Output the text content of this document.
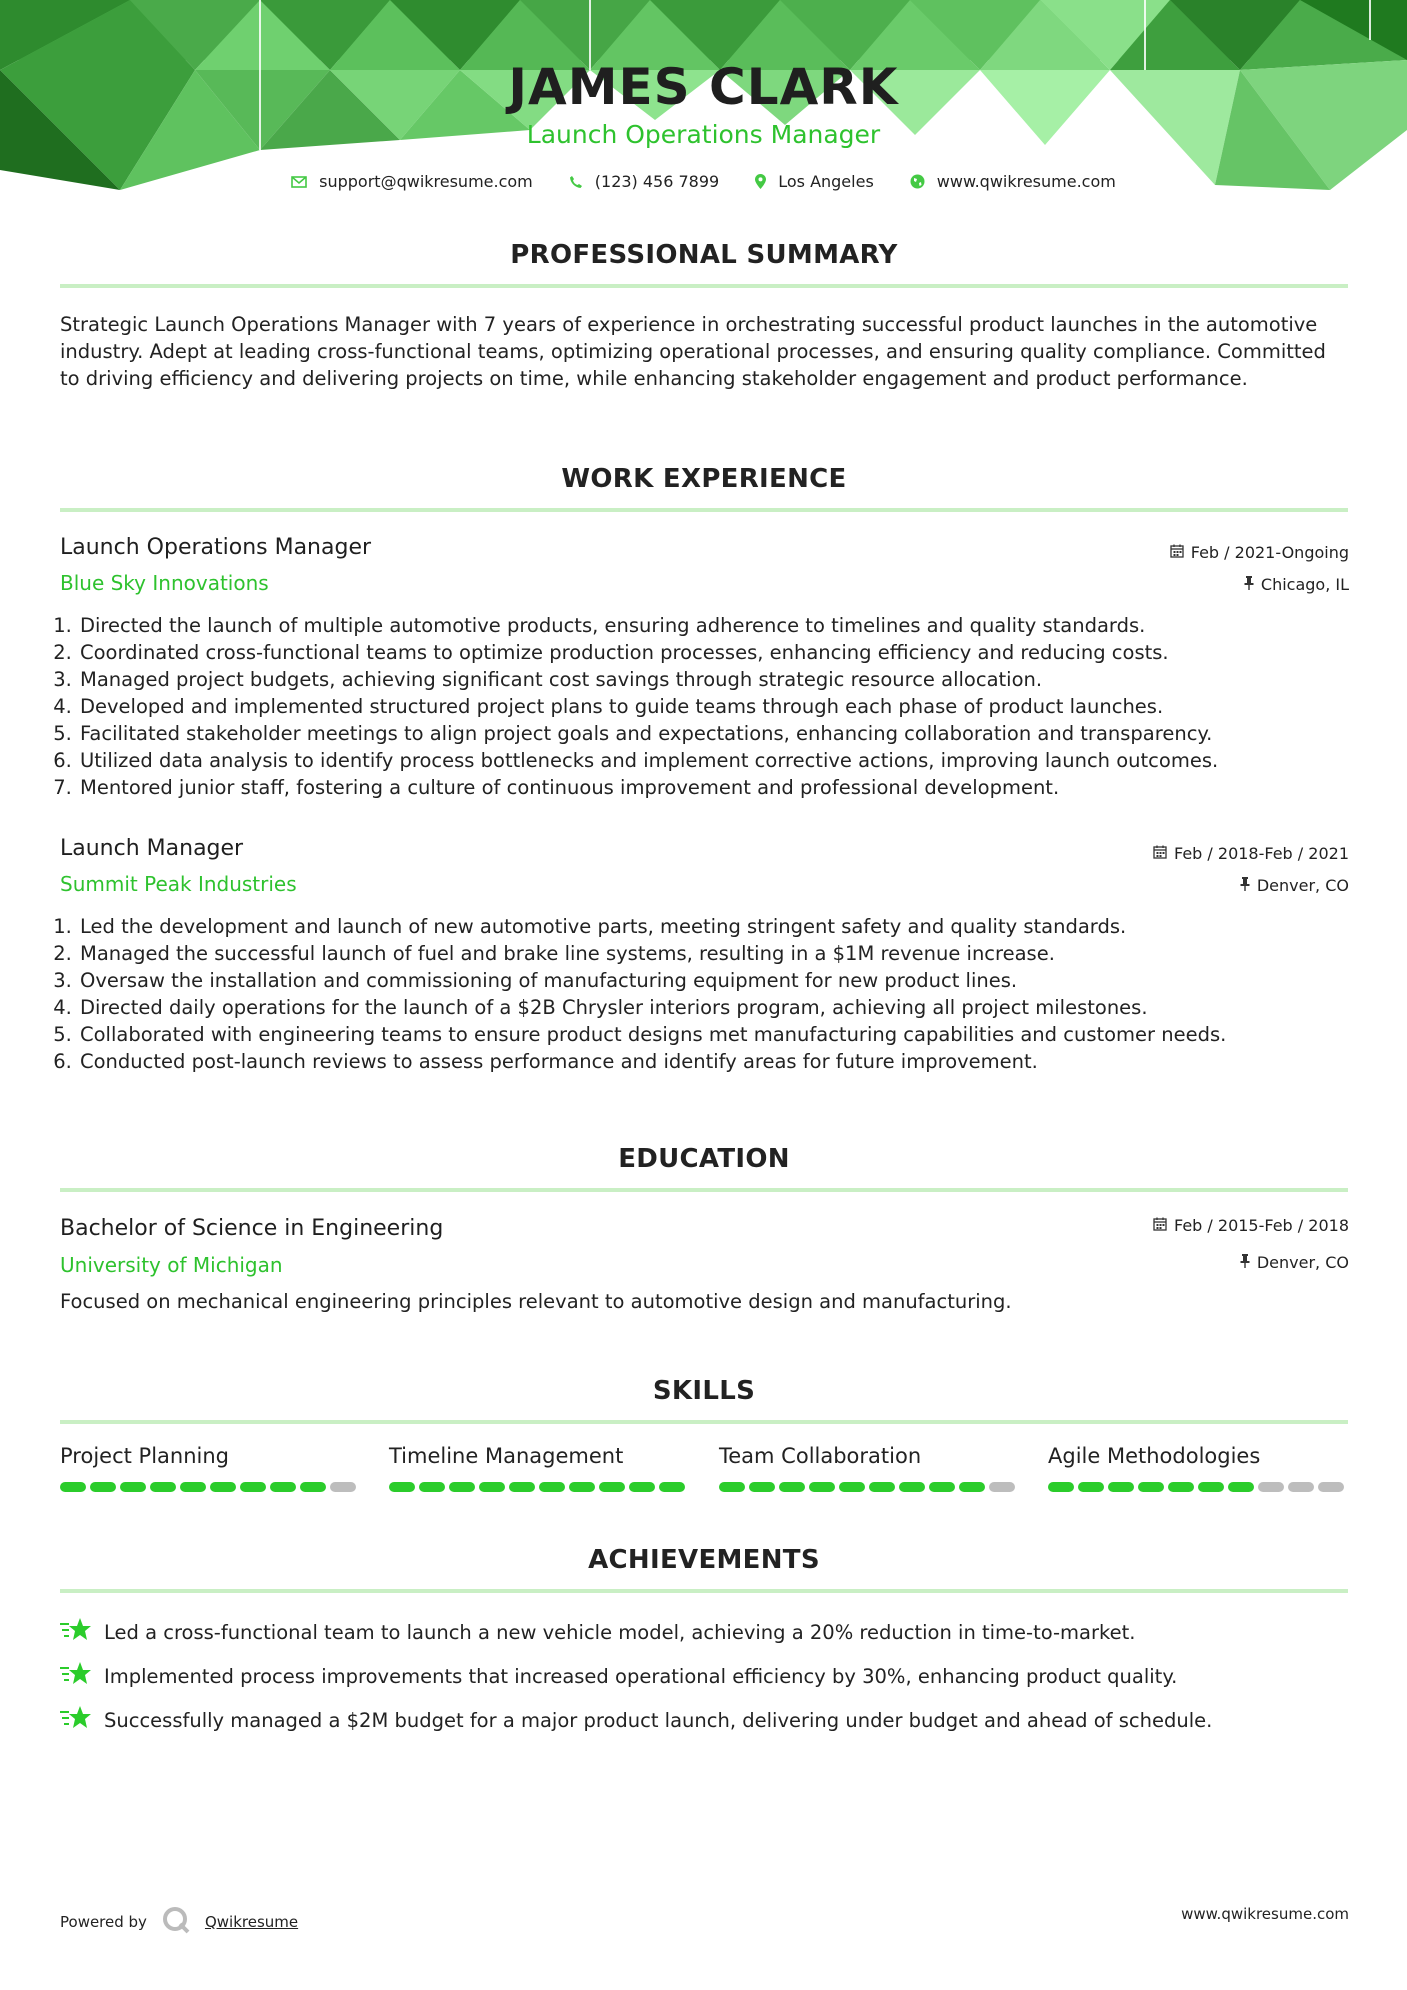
JAMES CLARK
Launch Operations Manager
support@qwikresume.com	(123) 456 7899	Los Angeles	www.qwikresume.com
PROFESSIONAL SUMMARY
Strategic Launch Operations Manager with 7 years of experience in orchestrating successful product launches in the automotive industry. Adept at leading cross-functional teams, optimizing operational processes, and ensuring quality compliance. Committed to driving efficiency and delivering projects on time, while enhancing stakeholder engagement and product performance.
WORK EXPERIENCE
Launch Operations Manager	Feb / 2021-Ongoing
Blue Sky Innovations	Chicago, IL
1. Directed the launch of multiple automotive products, ensuring adherence to timelines and quality standards.
2. Coordinated cross-functional teams to optimize production processes, enhancing efficiency and reducing costs.
3. Managed project budgets, achieving significant cost savings through strategic resource allocation.
4. Developed and implemented structured project plans to guide teams through each phase of product launches.
5. Facilitated stakeholder meetings to align project goals and expectations, enhancing collaboration and transparency.
6. Utilized data analysis to identify process bottlenecks and implement corrective actions, improving launch outcomes.
7. Mentored junior staff, fostering a culture of continuous improvement and professional development.
Launch Manager	Feb / 2018-Feb / 2021
Summit Peak Industries	Denver, CO
1. Led the development and launch of new automotive parts, meeting stringent safety and quality standards.
2. Managed the successful launch of fuel and brake line systems, resulting in a $1M revenue increase.
3. Oversaw the installation and commissioning of manufacturing equipment for new product lines.
4. Directed daily operations for the launch of a $2B Chrysler interiors program, achieving all project milestones.
5. Collaborated with engineering teams to ensure product designs met manufacturing capabilities and customer needs.
6. Conducted post-launch reviews to assess performance and identify areas for future improvement.
EDUCATION
Bachelor of Science in Engineering	Feb / 2015-Feb / 2018
University of Michigan	Denver, CO
Focused on mechanical engineering principles relevant to automotive design and manufacturing.
SKILLS
Project Planning	Timeline Management	Team Collaboration	Agile Methodologies
ACHIEVEMENTS
Led a cross-functional team to launch a new vehicle model, achieving a 20% reduction in time-to-market.
Implemented process improvements that increased operational efficiency by 30%, enhancing product quality.
Successfully managed a $2M budget for a major product launch, delivering under budget and ahead of schedule.
Powered by	Qwikresume	www.qwikresume.com
